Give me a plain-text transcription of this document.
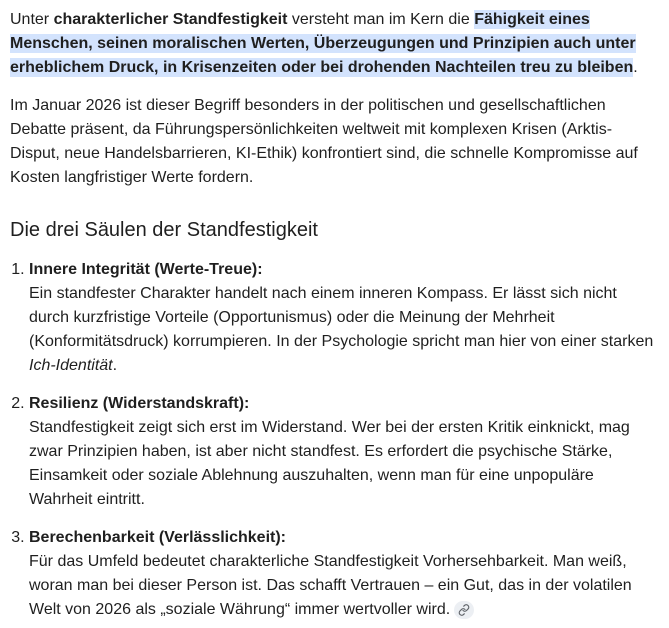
Unter charakterlicher Standfestigkeit versteht man im Kern die Fähigkeit eines Menschen, seinen moralischen Werten, Überzeugungen und Prinzipien auch unter erheblichem Druck, in Krisenzeiten oder bei drohenden Nachteilen treu zu bleiben.

Im Januar 2026 ist dieser Begriff besonders in der politischen und gesellschaftlichen Debatte präsent, da Führungspersönlichkeiten weltweit mit komplexen Krisen (Arktis-Disput, neue Handelsbarrieren, KI-Ethik) konfrontiert sind, die schnelle Kompromisse auf Kosten langfristiger Werte fordern.

Die drei Säulen der Standfestigkeit
1. Innere Integrität (Werte-Treue):
Ein standfester Charakter handelt nach einem inneren Kompass. Er lässt sich nicht durch kurzfristige Vorteile (Opportunismus) oder die Meinung der Mehrheit (Konformitätsdruck) korrumpieren. In der Psychologie spricht man hier von einer starken Ich-Identität.
2. Resilienz (Widerstandskraft):
Standfestigkeit zeigt sich erst im Widerstand. Wer bei der ersten Kritik einknickt, mag zwar Prinzipien haben, ist aber nicht standfest. Es erfordert die psychische Stärke, Einsamkeit oder soziale Ablehnung auszuhalten, wenn man für eine unpopuläre Wahrheit eintritt.
3. Berechenbarkeit (Verlässlichkeit):
Für das Umfeld bedeutet charakterliche Standfestigkeit Vorhersehbarkeit. Man weiß, woran man bei dieser Person ist. Das schafft Vertrauen – ein Gut, das in der volatilen Welt von 2026 als „soziale Währung“ immer wertvoller wird.
